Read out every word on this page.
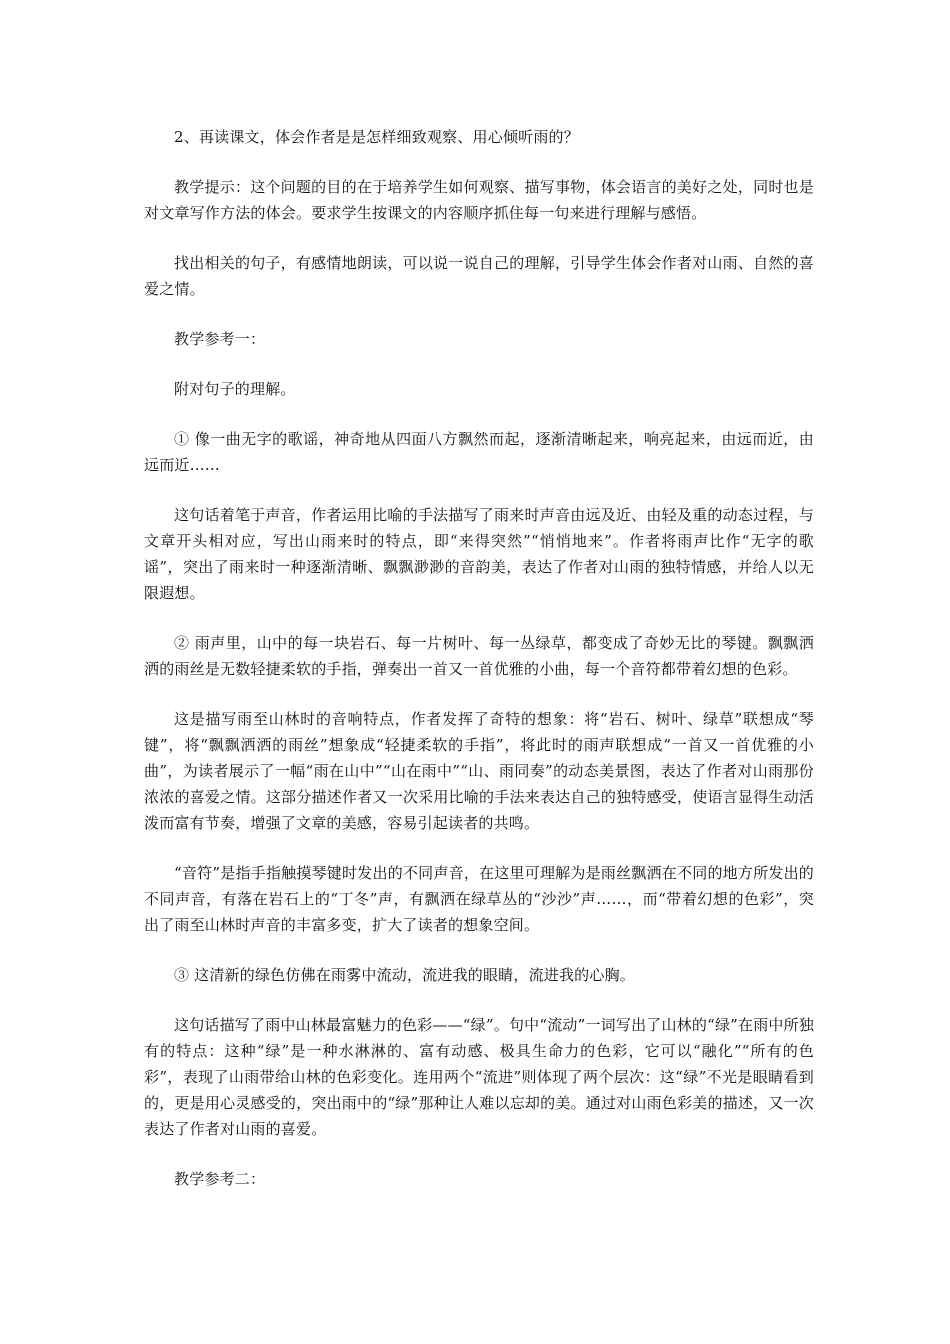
2、再读课文，体会作者是是怎样细致观察、用心倾听雨的？

教学提示：这个问题的目的在于培养学生如何观察、描写事物，体会语言的美好之处，同时也是对文章写作方法的体会。要求学生按课文的内容顺序抓住每一句来进行理解与感悟。

找出相关的句子，有感情地朗读，可以说一说自己的理解，引导学生体会作者对山雨、自然的喜爱之情。

教学参考一：

附对句子的理解。

① 像一曲无字的歌谣，神奇地从四面八方飘然而起，逐渐清晰起来，响亮起来，由远而近，由远而近……

这句话着笔于声音，作者运用比喻的手法描写了雨来时声音由远及近、由轻及重的动态过程，与文章开头相对应，写出山雨来时的特点，即“来得突然”“悄悄地来”。作者将雨声比作“无字的歌谣”，突出了雨来时一种逐渐清晰、飘飘渺渺的音韵美，表达了作者对山雨的独特情感，并给人以无限遐想。

② 雨声里，山中的每一块岩石、每一片树叶、每一丛绿草，都变成了奇妙无比的琴键。飘飘洒洒的雨丝是无数轻捷柔软的手指，弹奏出一首又一首优雅的小曲，每一个音符都带着幻想的色彩。

这是描写雨至山林时的音响特点，作者发挥了奇特的想象：将“岩石、树叶、绿草”联想成“琴键”，将“飘飘洒洒的雨丝”想象成“轻捷柔软的手指”，将此时的雨声联想成“一首又一首优雅的小曲”，为读者展示了一幅“雨在山中”“山在雨中”“山、雨同奏”的动态美景图，表达了作者对山雨那份浓浓的喜爱之情。这部分描述作者又一次采用比喻的手法来表达自己的独特感受，使语言显得生动活泼而富有节奏，增强了文章的美感，容易引起读者的共鸣。

“音符”是指手指触摸琴键时发出的不同声音，在这里可理解为是雨丝飘洒在不同的地方所发出的不同声音，有落在岩石上的“丁冬”声，有飘洒在绿草丛的“沙沙”声……，而“带着幻想的色彩”，突出了雨至山林时声音的丰富多变，扩大了读者的想象空间。

③ 这清新的绿色仿佛在雨雾中流动，流进我的眼睛，流进我的心胸。

这句话描写了雨中山林最富魅力的色彩——“绿”。句中“流动”一词写出了山林的“绿”在雨中所独有的特点：这种“绿”是一种水淋淋的、富有动感、极具生命力的色彩，它可以“融化”“所有的色彩”，表现了山雨带给山林的色彩变化。连用两个“流进”则体现了两个层次：这“绿”不光是眼睛看到的，更是用心灵感受的，突出雨中的“绿”那种让人难以忘却的美。通过对山雨色彩美的描述，又一次表达了作者对山雨的喜爱。

教学参考二：
